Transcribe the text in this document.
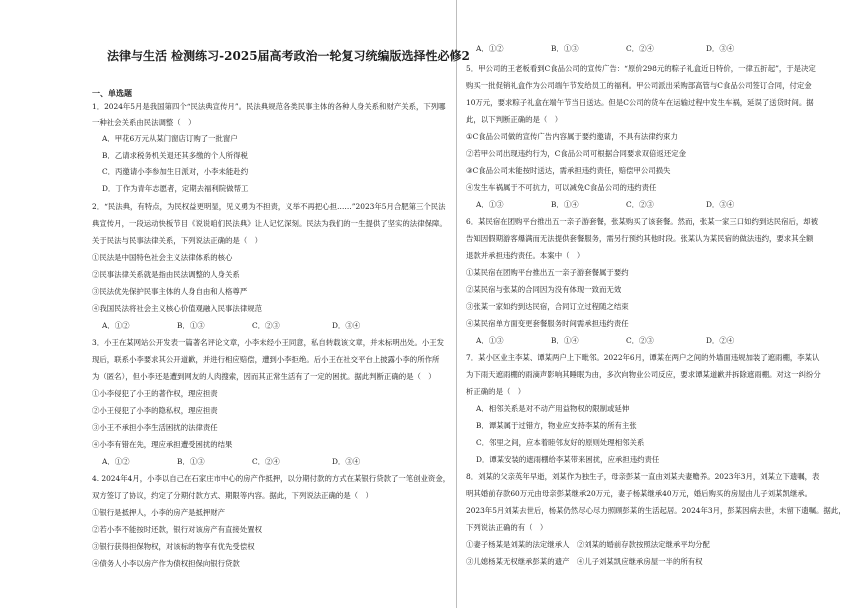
法律与生活 检测练习-2025届高考政治一轮复习统编版选择性必修2
一、单选题
1．2024年5月是我国第四个“民法典宣传月”。民法典规范各类民事主体的各种人身关系和财产关系，下列哪
一种社会关系由民法调整（　）
A．甲花6万元从某门窗店订购了一批窗户
B．乙请求税务机关退还其多缴的个人所得税
C．丙邀请小李参加生日派对，小李未能赴约
D．丁作为青年志愿者，定期去福利院做帮工
2．“民法典，有特点，为民权益更明显，见义勇为不担责，义举不再把心担……”2023年5月合肥第三个民法
典宣传月，一段运动快板节目《说说咱们民法典》让人记忆深刻。民法为我们的一生提供了坚实的法律保障。
关于民法与民事法律关系，下列说法正确的是（　）
①民法是中国特色社会主义法律体系的核心
②民事法律关系就是指由民法调整的人身关系
③民法优先保护民事主体的人身自由和人格尊严
④我国民法将社会主义核心价值观融入民事法律规范
3．小王在某网站公开发表一篇著名评论文章，小李未经小王同意，私自转载该文章，并未标明出处。小王发
现后，联系小李要求其公开道歉，并进行相应赔偿，遭到小李拒绝。后小王在社交平台上披露小李的所作所
为（匿名），但小李还是遭到网友的人肉搜索，因而其正常生活有了一定的困扰。据此判断正确的是（　）
①小李侵犯了小王的著作权，理应担责
②小王侵犯了小李的隐私权，理应担责
③小王不承担小李生活困扰的法律责任
④小李有错在先，理应承担遭受困扰的结果
4. 2024年4月，小李以自己在石家庄市中心的房产作抵押，以分期付款的方式在某银行贷款了一笔创业资金，
双方签订了协议，约定了分期付款方式、期限等内容。据此，下列说法正确的是（　）
①银行是抵押人，小李的房产是抵押财产
②若小李不能按时还款，银行对该房产有直接处置权
③银行获得担保物权，对该标的物享有优先受偿权
④债务人小李以房产作为债权担保向银行贷款
A．①②	B．①③	C．②③	D．③④
A．①②	B．①③	C．②④	D．③④
5．甲公司的王老板看到C食品公司的宣传广告：“原价298元的粽子礼盒近日特价，一律五折起”，于是决定
购买一批促销礼盒作为公司端午节发给员工的福利。甲公司派出采购部高管与C食品公司签订合同，付定金
10万元，要求粽子礼盒在端午节当日送达。但是C公司的货车在运输过程中发生车祸，延误了送货时间。据
此，以下判断正确的是（　）
①C食品公司做的宣传广告内容属于要约邀请，不具有法律约束力
②若甲公司出现违约行为，C食品公司可根据合同要求双倍返还定金
③C食品公司未能按时送达，需承担违约责任，赔偿甲公司损失
④发生车祸属于不可抗力，可以减免C食品公司的违约责任
6．某民宿在团购平台推出五一亲子游套餐，张某购买了该套餐。然而，张某一家三口如约到达民宿后，却被
告知因假期游客爆满而无法提供套餐服务，需另行预约其他时段。张某认为某民宿的做法违约，要求其全额
退款并承担违约责任。本案中（　）
①某民宿在团购平台推出五一亲子游套餐属于要约
②某民宿与张某的合同因为没有体现一致而无效
③张某一家如约到达民宿，合同订立过程随之结束
④某民宿单方面变更套餐服务时间需承担违约责任
7．某小区业主李某、谭某两户上下毗邻。2022年6月，谭某在两户之间的外墙面违规加装了遮雨棚，李某认
为下雨天遮雨棚的雨滴声影响其睡眠为由，多次向物业公司反应，要求谭某道歉并拆除遮雨棚。对这一纠纷分
析正确的是（　）
A．相邻关系是对不动产用益物权的限制或延伸
B．谭某属于过错方，物业应支持李某的所有主张
C．邻里之间，应本着睦邻友好的原则处理相邻关系
D．谭某安装的遮雨棚给李某带来困扰，应承担违约责任
8．刘某的父亲英年早逝，刘某作为独生子，母亲彭某一直由刘某夫妻赡养。2023年3月，刘某立下遗嘱，表
明其婚前存款60万元由母亲彭某继承20万元，妻子杨某继承40万元，婚后购买的房屋由儿子刘某凯继承。
2023年5月刘某去世后，杨某仍然尽心尽力照顾彭某的生活起居。2024年3月，彭某因病去世，未留下遗嘱。据此，
下列说法正确的有（　）
①妻子杨某是刘某的法定继承人　②刘某的婚前存款按照法定继承平均分配
③儿媳杨某无权继承彭某的遗产　④儿子刘某凯应继承房屋一半的所有权
A．①②	B．①③	C．②④	D．③④
A．①③	B．①④	C．②③	D．③④
A．①③	B．①④	C．②③	D．②④
